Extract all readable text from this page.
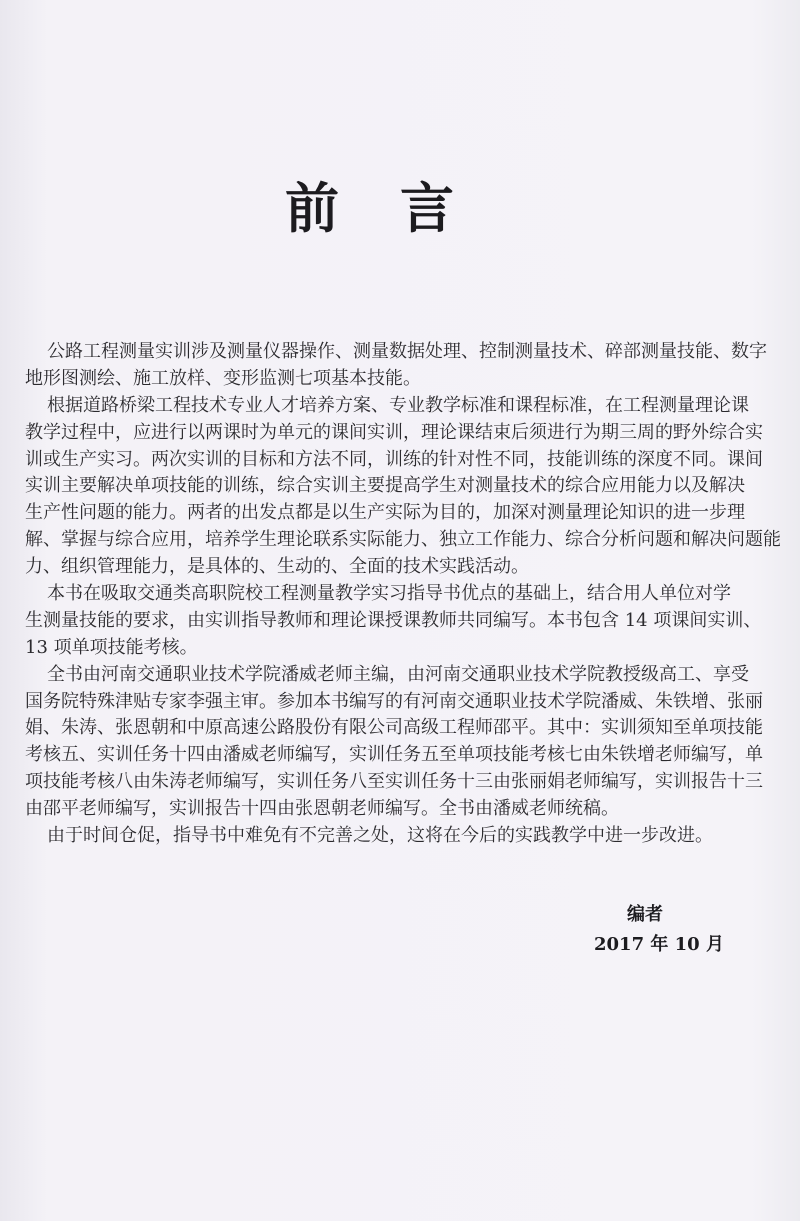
前 言
公路工程测量实训涉及测量仪器操作、测量数据处理、控制测量技术、碎部测量技能、数字
地形图测绘、施工放样、变形监测七项基本技能。
根据道路桥梁工程技术专业人才培养方案、专业教学标准和课程标准，在工程测量理论课
教学过程中，应进行以两课时为单元的课间实训，理论课结束后须进行为期三周的野外综合实
训或生产实习。两次实训的目标和方法不同，训练的针对性不同，技能训练的深度不同。课间
实训主要解决单项技能的训练，综合实训主要提高学生对测量技术的综合应用能力以及解决
生产性问题的能力。两者的出发点都是以生产实际为目的，加深对测量理论知识的进一步理
解、掌握与综合应用，培养学生理论联系实际能力、独立工作能力、综合分析问题和解决问题能
力、组织管理能力，是具体的、生动的、全面的技术实践活动。
本书在吸取交通类高职院校工程测量教学实习指导书优点的基础上，结合用人单位对学
生测量技能的要求，由实训指导教师和理论课授课教师共同编写。本书包含 14 项课间实训、
13 项单项技能考核。
全书由河南交通职业技术学院潘威老师主编，由河南交通职业技术学院教授级高工、享受
国务院特殊津贴专家李强主审。参加本书编写的有河南交通职业技术学院潘威、朱铁增、张丽
娟、朱涛、张恩朝和中原高速公路股份有限公司高级工程师邵平。其中：实训须知至单项技能
考核五、实训任务十四由潘威老师编写，实训任务五至单项技能考核七由朱铁增老师编写，单
项技能考核八由朱涛老师编写，实训任务八至实训任务十三由张丽娟老师编写，实训报告十三
由邵平老师编写，实训报告十四由张恩朝老师编写。全书由潘威老师统稿。
由于时间仓促，指导书中难免有不完善之处，这将在今后的实践教学中进一步改进。
编者
2017 年 10 月
